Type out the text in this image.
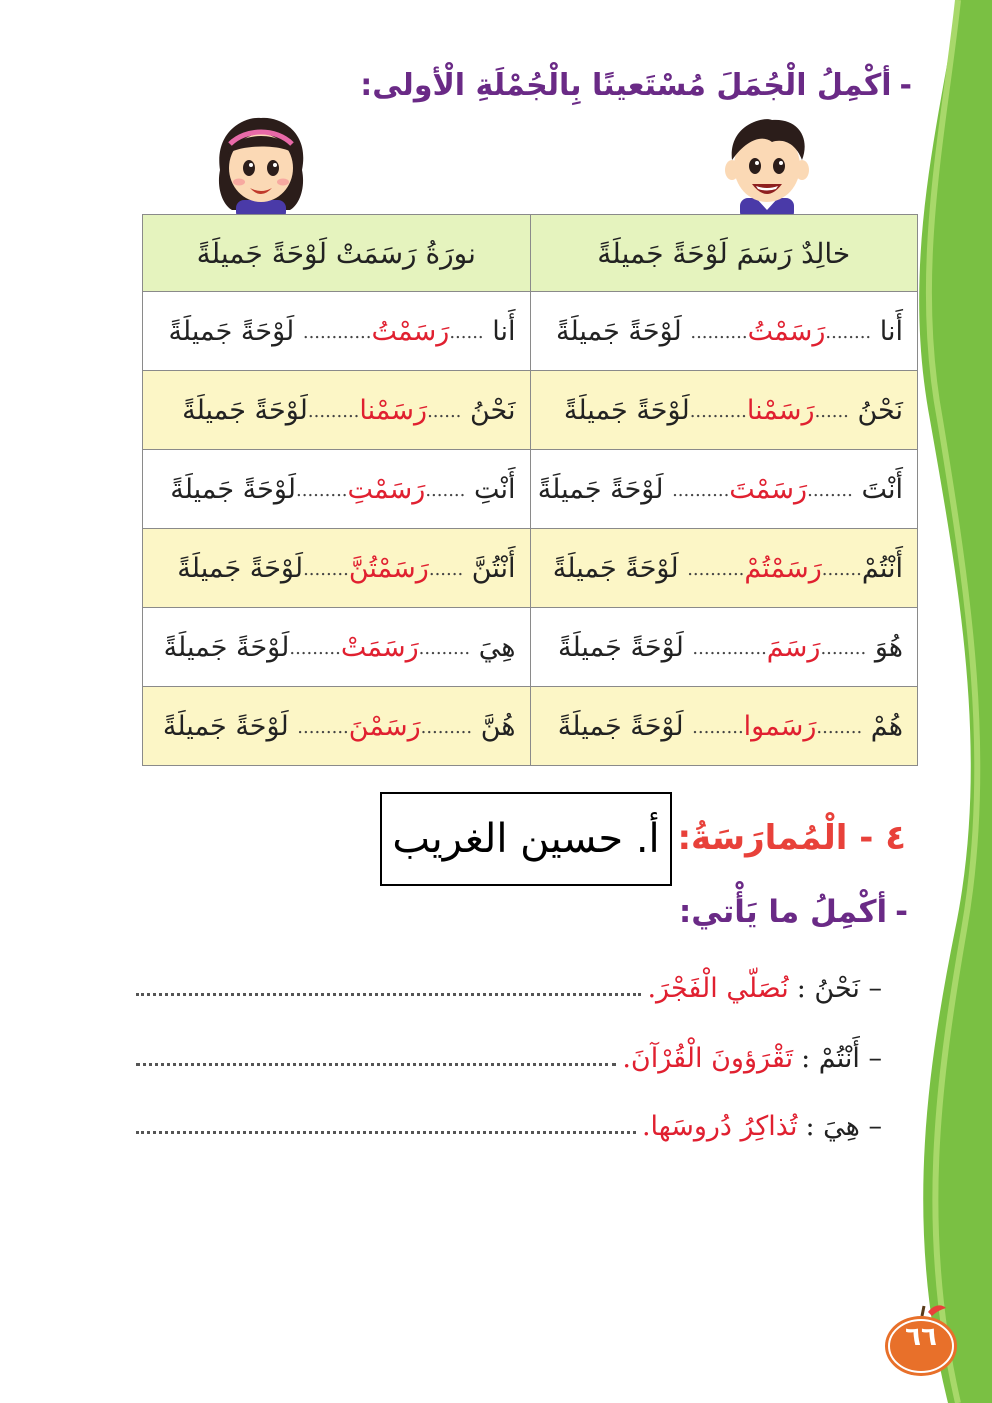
-أكْمِلُ الْجُمَلَ مُسْتَعينًا بِالْجُمْلَةِ الْأولى:
خالِدٌ رَسَمَ لَوْحَةً جَميلَةً	نورَةُ رَسَمَتْ لَوْحَةً جَميلَةً
أَنا ........رَسَمْتُ.......... لَوْحَةً جَميلَةً	أَنا ......رَسَمْتُ............ لَوْحَةً جَميلَةً
نَحْنُ ......رَسَمْنا..........لَوْحَةً جَميلَةً	نَحْنُ ......رَسَمْنا.........لَوْحَةً جَميلَةً
أَنْتَ ........رَسَمْتَ.......... لَوْحَةً جَميلَةً	أَنْتِ .......رَسَمْتِ.........لَوْحَةً جَميلَةً
أَنْتُمْ.......رَسَمْتُمْ.......... لَوْحَةً جَميلَةً	أَنْتُنَّ ......رَسَمْتُنَّ........لَوْحَةً جَميلَةً
هُوَ ........رَسَمَ............. لَوْحَةً جَميلَةً	هِيَ .........رَسَمَتْ.........لَوْحَةً جَميلَةً
هُمْ ........رَسَموا......... لَوْحَةً جَميلَةً	هُنَّ .........رَسَمْنَ......... لَوْحَةً جَميلَةً
أ. حسين الغريب ٤ - الْمُمارَسَةُ:
-أكْمِلُ ما يَأْتي:
– نَحْنُ :
نُصَلّي الْفَجْرَ.
– أَنْتُمْ :
تَقْرَؤونَ الْقُرْآنَ.
– هِيَ :
تُذاكِرُ دُروسَها.
٦٦
